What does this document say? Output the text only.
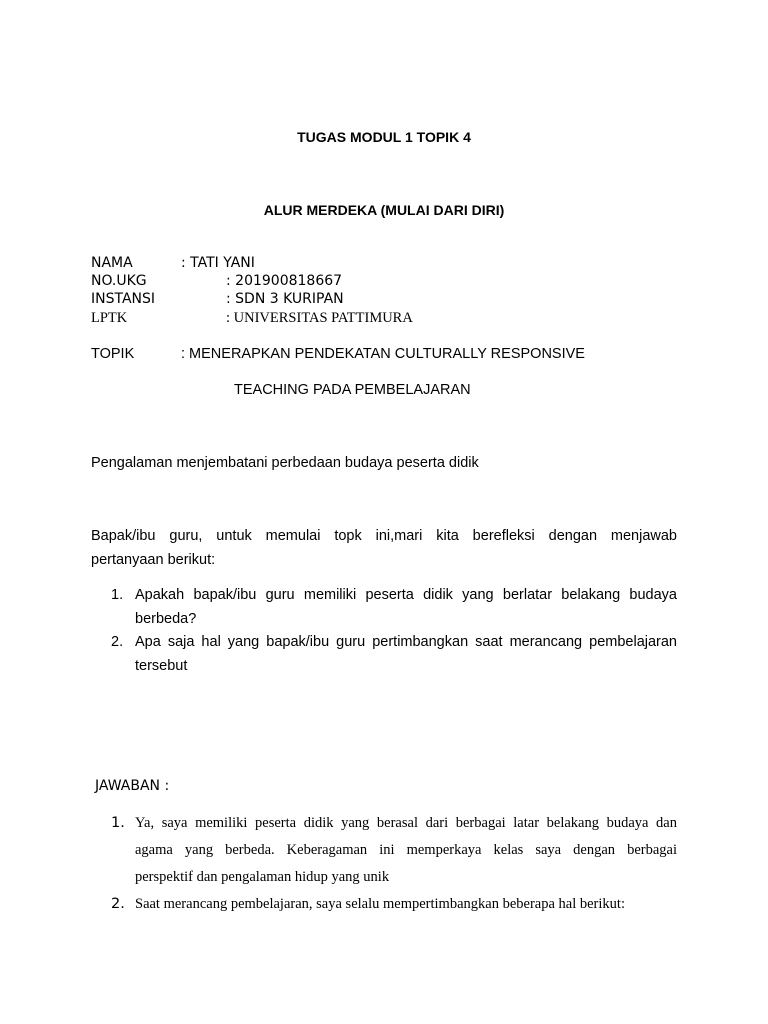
TUGAS MODUL 1 TOPIK 4
ALUR MERDEKA (MULAI DARI DIRI)
NAMA	: TATI YANI
NO.UKG	: 201900818667
INSTANSI	: SDN 3 KURIPAN
LPTK	: UNIVERSITAS PATTIMURA
TOPIK	: MENERAPKAN PENDEKATAN CULTURALLY RESPONSIVE
TEACHING PADA PEMBELAJARAN
Pengalaman menjembatani perbedaan budaya peserta didik
Bapak/ibu guru, untuk memulai topk ini,mari kita berefleksi dengan menjawab
pertanyaan berikut:
1. Apakah bapak/ibu guru memiliki peserta didik yang berlatar belakang budaya
berbeda?
2. Apa saja hal yang bapak/ibu guru pertimbangkan saat merancang pembelajaran
tersebut
JAWABAN :
1. Ya, saya memiliki peserta didik yang berasal dari berbagai latar belakang budaya dan
agama yang berbeda. Keberagaman ini memperkaya kelas saya dengan berbagai
perspektif dan pengalaman hidup yang unik
2. Saat merancang pembelajaran, saya selalu mempertimbangkan beberapa hal berikut:
